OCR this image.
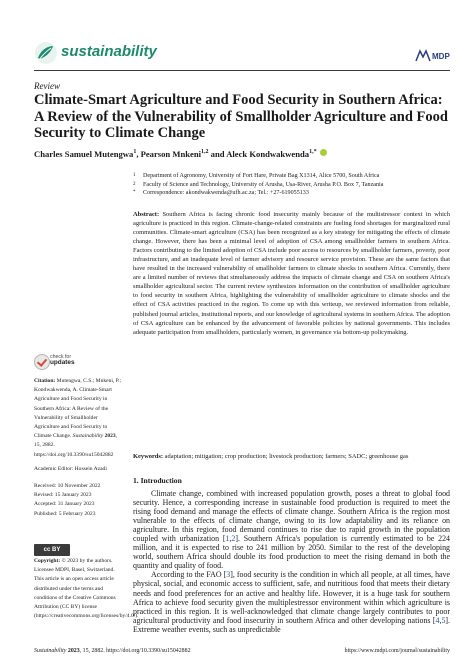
sustainability	MDPI
Review
Climate-Smart Agriculture and Food Security in Southern Africa: A Review of the Vulnerability of Smallholder Agriculture and Food Security to Climate Change
Charles Samuel Mutengwa$^1$, Pearson Mnkeni$^{1,2}$ and Aleck Kondwakwenda$^{1,*}$
1 Department of Agronomy, University of Fort Hare, Private Bag X1314, Alice 5700, South Africa
2 Faculty of Science and Technology, University of Arusha, Usa-River, Arusha P.O. Box 7, Tanzania
* Correspondence: akondwakwenda@ufh.ac.za; Tel.: +27-619055133
Abstract: Southern Africa is facing chronic food insecurity mainly because of the multistressor context in which agriculture is practiced in this region. Climate-change-related constraints are fueling food shortages for marginalized rural communities. Climate-smart agriculture (CSA) has been recognized as a key strategy for mitigating the effects of climate change. However, there has been a minimal level of adoption of CSA among smallholder farmers in southern Africa. Factors contributing to the limited adoption of CSA include poor access to resources by smallholder farmers, poverty, poor infrastructure, and an inadequate level of farmer advisory and resource service provision. These are the same factors that have resulted in the increased vulnerability of smallholder farmers to climate shocks in southern Africa. Currently, there are a limited number of reviews that simultaneously address the impacts of climate change and CSA on southern Africa's smallholder agricultural sector. The current review synthesizes information on the contribution of smallholder agriculture to food security in southern Africa, highlighting the vulnerability of smallholder agriculture to climate shocks and the effect of CSA activities practiced in the region. To come up with this writeup, we reviewed information from reliable, published journal articles, institutional reports, and our knowledge of agricultural systems in southern Africa. The adoption of CSA agriculture can be enhanced by the advancement of favorable policies by national governments. This includes adequate participation from smallholders, particularly women, in governance via bottom-up policymaking.
Keywords: adaptation; mitigation; crop production; livestock production; farmers; SADC; greenhouse gas
check for
updates
Citation: Mutengwa, C.S.; Mnkeni, P.; Kondwakwenda, A. Climate-Smart Agriculture and Food Security in Southern Africa: A Review of the Vulnerability of Smallholder Agriculture and Food Security to Climate Change. Sustainability 2023, 15, 2882. https://doi.org/10.3390/su15042882
Academic Editor: Hossein Azadi
Received: 10 November 2022
Revised: 15 January 2023
Accepted: 31 January 2023
Published: 5 February 2023
cc BY
Copyright: © 2023 by the authors. Licensee MDPI, Basel, Switzerland. This article is an open access article distributed under the terms and conditions of the Creative Commons Attribution (CC BY) license (https://creativecommons.org/licenses/by/4.0/).
1. Introduction

Climate change, combined with increased population growth, poses a threat to global food security. Hence, a corresponding increase in sustainable food production is required to meet the rising food demand and manage the effects of climate change. Southern Africa is the region most vulnerable to the effects of climate change, owing to its low adaptability and its reliance on agriculture. In this region, food demand continues to rise due to rapid growth in the population coupled with urbanization [1,2]. Southern Africa's population is currently estimated to be 224 million, and it is expected to rise to 241 million by 2050. Similar to the rest of the developing world, southern Africa should double its food production to meet the rising demand in both the quantity and quality of food.

According to the FAO [3], food security is the condition in which all people, at all times, have physical, social, and economic access to sufficient, safe, and nutritious food that meets their dietary needs and food preferences for an active and healthy life. However, it is a huge task for southern Africa to achieve food security given the multiplestressor environment within which agriculture is practiced in this region. It is well-acknowledged that climate change largely contributes to poor agricultural productivity and food insecurity in southern Africa and other developing nations [4,5]. Extreme weather events, such as unpredictable

Sustainability 2023, 15, 2882. https://doi.org/10.3390/su15042882	https://www.mdpi.com/journal/sustainability
